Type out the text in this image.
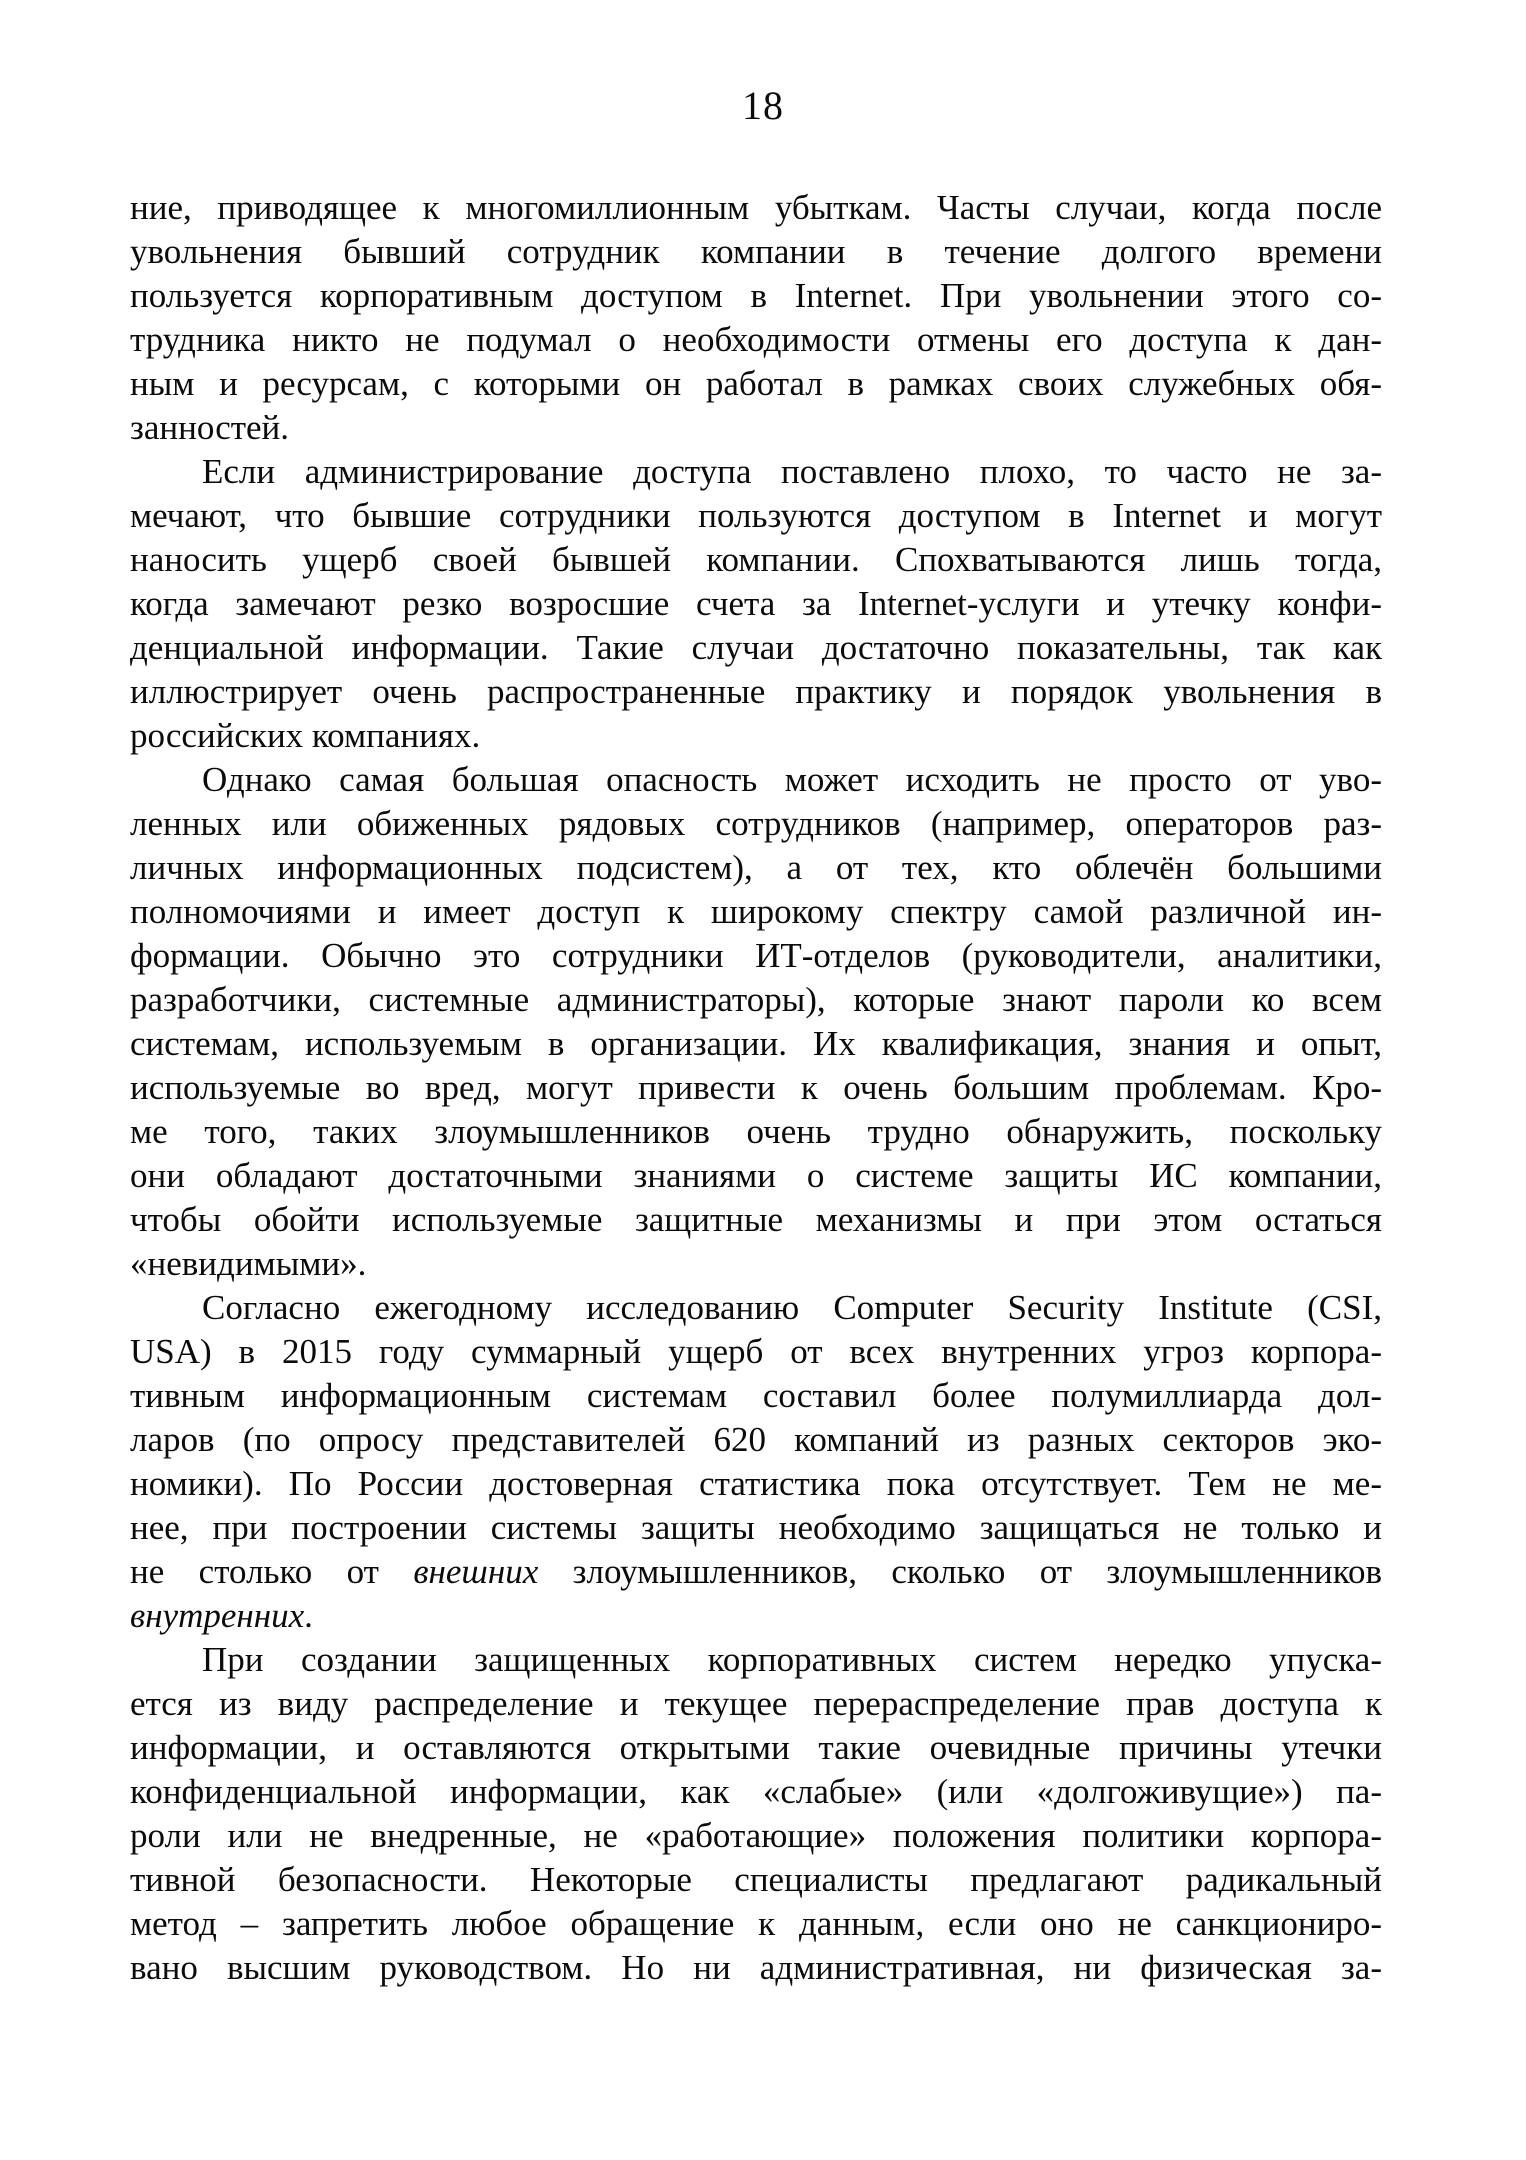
18
ние, приводящее к многомиллионным убыткам. Часты случаи, когда после
увольнения бывший сотрудник компании в течение долгого времени
пользуется корпоративным доступом в Internet. При увольнении этого со-
трудника никто не подумал о необходимости отмены его доступа к дан-
ным и ресурсам, с которыми он работал в рамках своих служебных обя-
занностей.
Если администрирование доступа поставлено плохо, то часто не за-
мечают, что бывшие сотрудники пользуются доступом в Internet и могут
наносить ущерб своей бывшей компании. Спохватываются лишь тогда,
когда замечают резко возросшие счета за Internet-услуги и утечку конфи-
денциальной информации. Такие случаи достаточно показательны, так как
иллюстрирует очень распространенные практику и порядок увольнения в
российских компаниях.
Однако самая большая опасность может исходить не просто от уво-
ленных или обиженных рядовых сотрудников (например, операторов раз-
личных информационных подсистем), а от тех, кто облечён большими
полномочиями и имеет доступ к широкому спектру самой различной ин-
формации. Обычно это сотрудники ИТ-отделов (руководители, аналитики,
разработчики, системные администраторы), которые знают пароли ко всем
системам, используемым в организации. Их квалификация, знания и опыт,
используемые во вред, могут привести к очень большим проблемам. Кро-
ме того, таких злоумышленников очень трудно обнаружить, поскольку
они обладают достаточными знаниями о системе защиты ИС компании,
чтобы обойти используемые защитные механизмы и при этом остаться
«невидимыми».
Согласно ежегодному исследованию Computer Security Institute (CSI,
USA) в 2015 году суммарный ущерб от всех внутренних угроз корпора-
тивным информационным системам составил более полумиллиарда дол-
ларов (по опросу представителей 620 компаний из разных секторов эко-
номики). По России достоверная статистика пока отсутствует. Тем не ме-
нее, при построении системы защиты необходимо защищаться не только и
не столько от внешних злоумышленников, сколько от злоумышленников
внутренних.
При создании защищенных корпоративных систем нередко упуска-
ется из виду распределение и текущее перераспределение прав доступа к
информации, и оставляются открытыми такие очевидные причины утечки
конфиденциальной информации, как «слабые» (или «долгоживущие») па-
роли или не внедренные, не «работающие» положения политики корпора-
тивной безопасности. Некоторые специалисты предлагают радикальный
метод – запретить любое обращение к данным, если оно не санкциониро-
вано высшим руководством. Но ни административная, ни физическая за-
